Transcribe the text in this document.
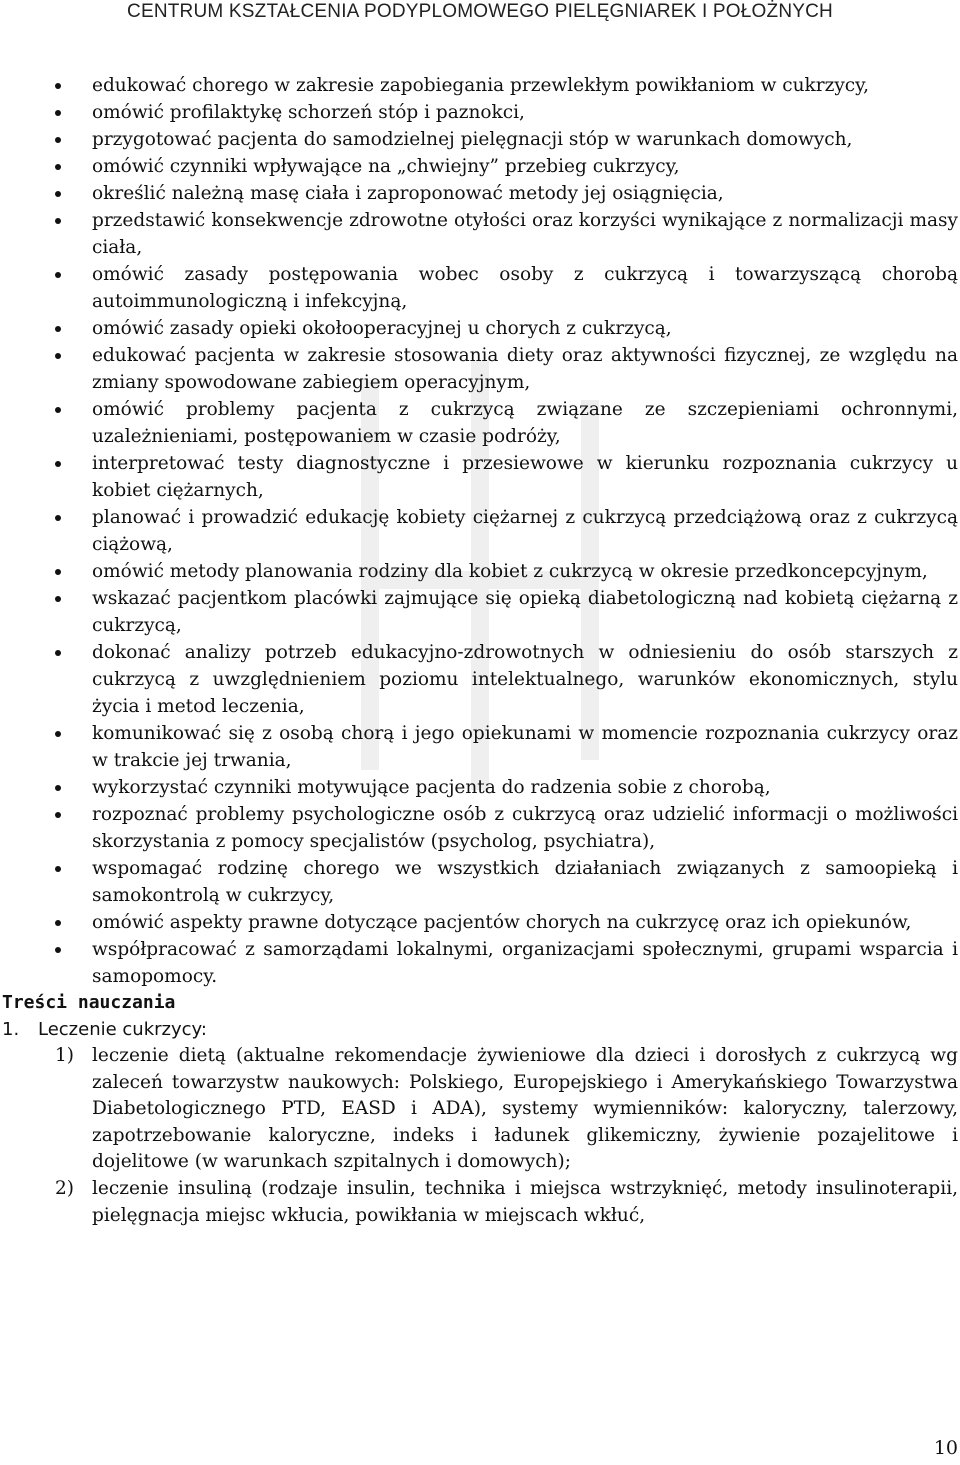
CENTRUM KSZTAŁCENIA PODYPLOMOWEGO PIELĘGNIAREK I POŁOŻNYCH
edukować chorego w zakresie zapobiegania przewlekłym powikłaniom w cukrzycy,
omówić profilaktykę schorzeń stóp i paznokci,
przygotować pacjenta do samodzielnej pielęgnacji stóp w warunkach domowych,
omówić czynniki wpływające na „chwiejny” przebieg cukrzycy,
określić należną masę ciała i zaproponować metody jej osiągnięcia,
przedstawić konsekwencje zdrowotne otyłości oraz korzyści wynikające z normalizacji masy ciała,
omówić zasady postępowania wobec osoby z cukrzycą i towarzyszącą chorobą autoimmunologiczną i infekcyjną,
omówić zasady opieki okołooperacyjnej u chorych z cukrzycą,
edukować pacjenta w zakresie stosowania diety oraz aktywności fizycznej, ze względu na zmiany spowodowane zabiegiem operacyjnym,
omówić problemy pacjenta z cukrzycą związane ze szczepieniami ochronnymi, uzależnieniami, postępowaniem w czasie podróży,
interpretować testy diagnostyczne i przesiewowe w kierunku rozpoznania cukrzycy u kobiet ciężarnych,
planować i prowadzić edukację kobiety ciężarnej z cukrzycą przedciążową oraz z cukrzycą ciążową,
omówić metody planowania rodziny dla kobiet z cukrzycą w okresie przedkoncepcyjnym,
wskazać pacjentkom placówki zajmujące się opieką diabetologiczną nad kobietą ciężarną z cukrzycą,
dokonać analizy potrzeb edukacyjno-zdrowotnych w odniesieniu do osób starszych z cukrzycą z uwzględnieniem poziomu intelektualnego, warunków ekonomicznych, stylu życia i metod leczenia,
komunikować się z osobą chorą i jego opiekunami w momencie rozpoznania cukrzycy oraz w trakcie jej trwania,
wykorzystać czynniki motywujące pacjenta do radzenia sobie z chorobą,
rozpoznać problemy psychologiczne osób z cukrzycą oraz udzielić informacji o możliwości skorzystania z pomocy specjalistów (psycholog, psychiatra),
wspomagać rodzinę chorego we wszystkich działaniach związanych z samoopieką i samokontrolą w cukrzycy,
omówić aspekty prawne dotyczące pacjentów chorych na cukrzycę oraz ich opiekunów,
współpracować z samorządami lokalnymi, organizacjami społecznymi, grupami wsparcia i samopomocy.
Treści nauczania
1. Leczenie cukrzycy:
1) leczenie dietą (aktualne rekomendacje żywieniowe dla dzieci i dorosłych z cukrzycą wg zaleceń towarzystw naukowych: Polskiego, Europejskiego i Amerykańskiego Towarzystwa Diabetologicznego PTD, EASD i ADA), systemy wymienników: kaloryczny, talerzowy, zapotrzebowanie kaloryczne, indeks i ładunek glikemiczny, żywienie pozajelitowe i dojelitowe (w warunkach szpitalnych i domowych);
2) leczenie insuliną (rodzaje insulin, technika i miejsca wstrzyknięć, metody insulinoterapii, pielęgnacja miejsc wkłucia, powikłania w miejscach wkłuć,
10
